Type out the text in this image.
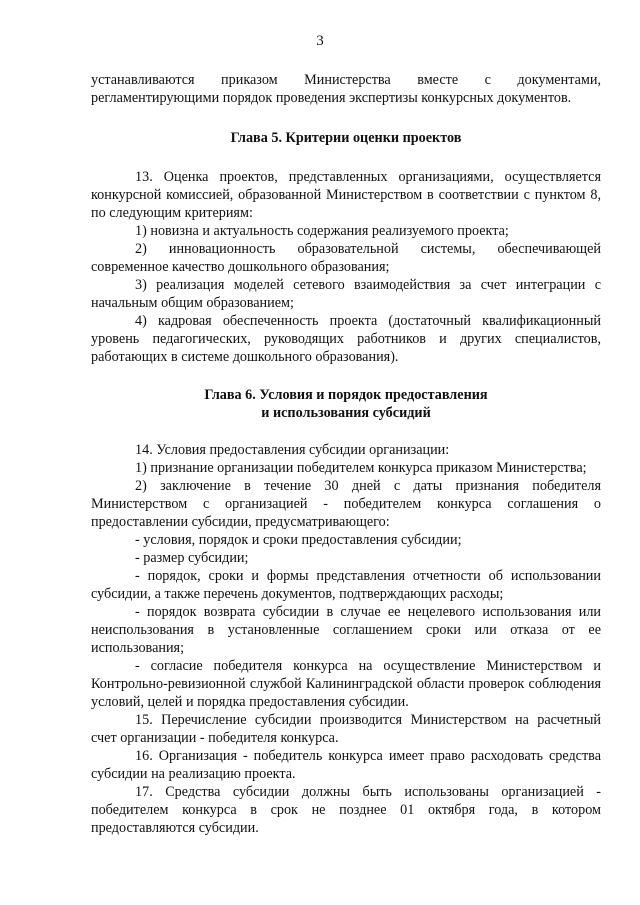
3

устанавливаются приказом Министерства вместе с документами, регламентирующими порядок проведения экспертизы конкурсных документов.

Глава 5. Критерии оценки проектов

13. Оценка проектов, представленных организациями, осуществляется конкурсной комиссией, образованной Министерством в соответствии с пунктом 8, по следующим критериям:

1) новизна и актуальность содержания реализуемого проекта;

2) инновационность образовательной системы, обеспечивающей современное качество дошкольного образования;

3) реализация моделей сетевого взаимодействия за счет интеграции с начальным общим образованием;

4) кадровая обеспеченность проекта (достаточный квалификационный уровень педагогических, руководящих работников и других специалистов, работающих в системе дошкольного образования).

Глава 6. Условия и порядок предоставления
и использования субсидий

14. Условия предоставления субсидии организации:

1) признание организации победителем конкурса приказом Министерства;

2) заключение в течение 30 дней с даты признания победителя Министерством с организацией - победителем конкурса соглашения о предоставлении субсидии, предусматривающего:

- условия, порядок и сроки предоставления субсидии;

- размер субсидии;

- порядок, сроки и формы представления отчетности об использовании субсидии, а также перечень документов, подтверждающих расходы;

- порядок возврата субсидии в случае ее нецелевого использования или неиспользования в установленные соглашением сроки или отказа от ее использования;

- согласие победителя конкурса на осуществление Министерством и Контрольно-ревизионной службой Калининградской области проверок соблюдения условий, целей и порядка предоставления субсидии.

15. Перечисление субсидии производится Министерством на расчетный счет организации - победителя конкурса.

16. Организация - победитель конкурса имеет право расходовать средства субсидии на реализацию проекта.

17. Средства субсидии должны быть использованы организацией - победителем конкурса в срок не позднее 01 октября года, в котором предоставляются субсидии.
